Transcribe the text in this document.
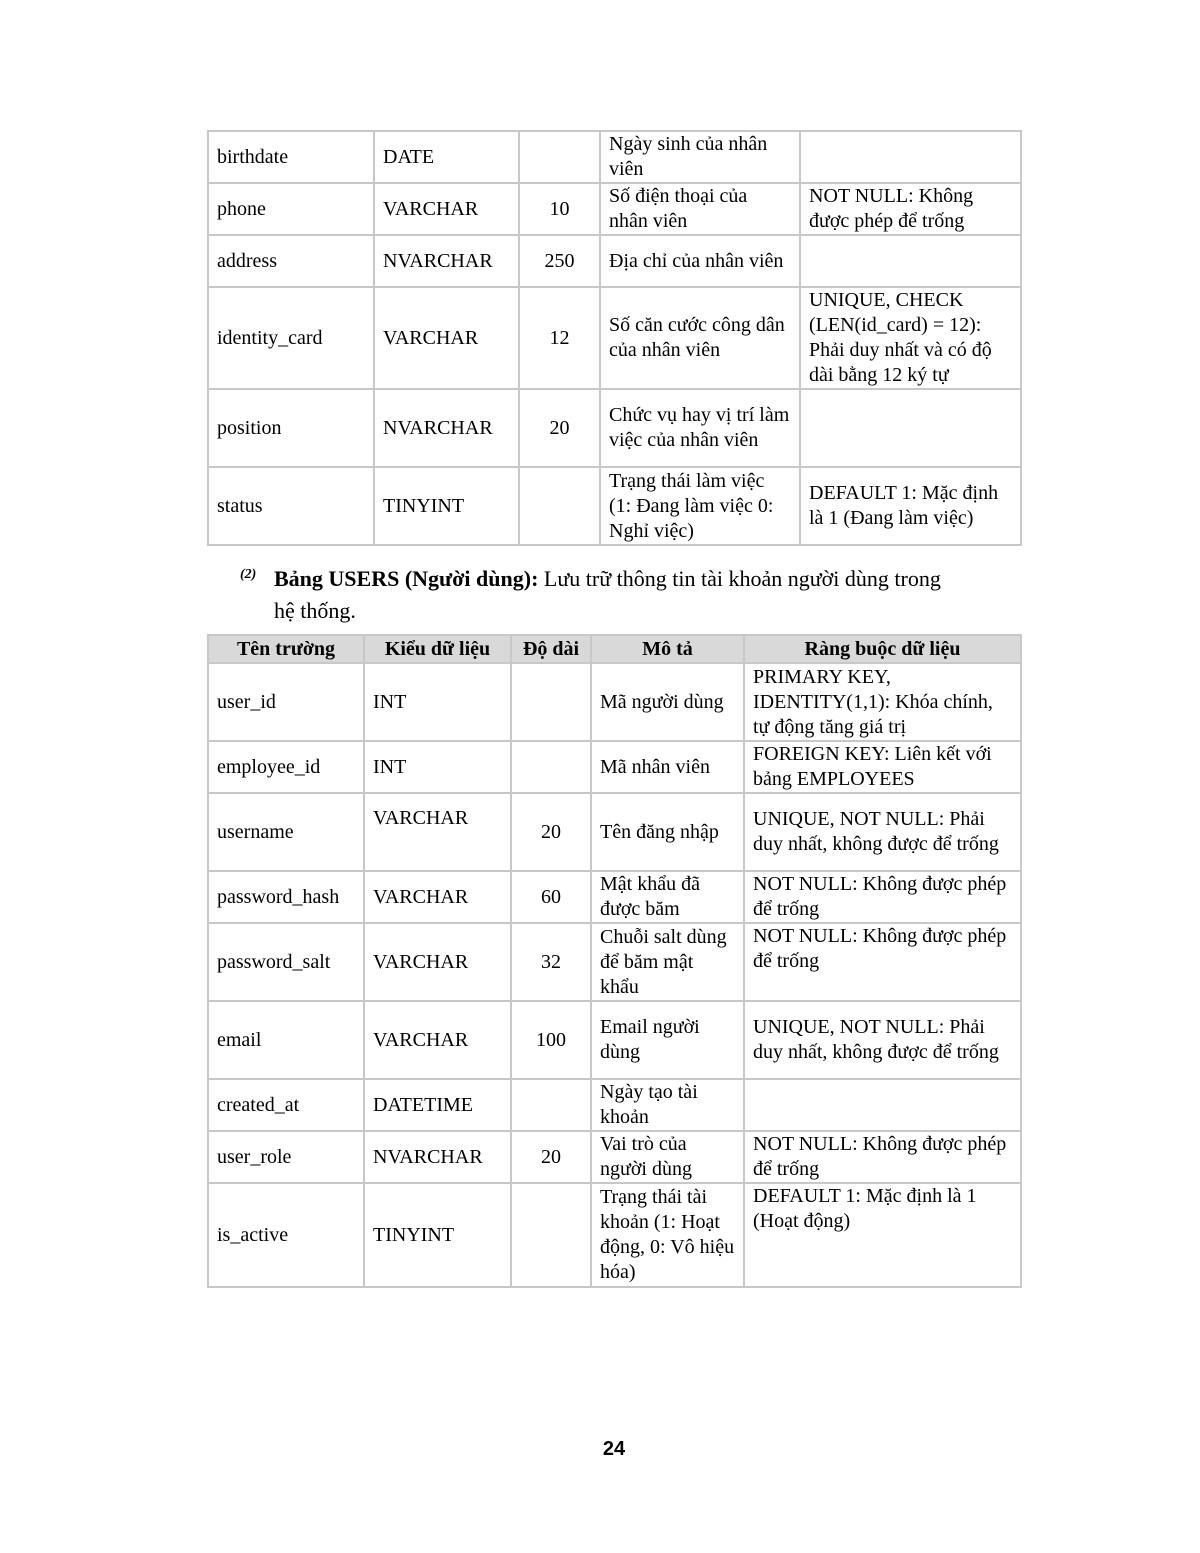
birthdate	DATE		Ngày sinh của nhân viên	
phone	VARCHAR	10	Số điện thoại của nhân viên	NOT NULL: Không được phép để trống
address	NVARCHAR	250	Địa chỉ của nhân viên	
identity_card	VARCHAR	12	Số căn cước công dân của nhân viên	UNIQUE, CHECK (LEN(id_card) = 12): Phải duy nhất và có độ dài bằng 12 ký tự
position	NVARCHAR	20	Chức vụ hay vị trí làm việc của nhân viên	
status	TINYINT		Trạng thái làm việc (1: Đang làm việc 0: Nghỉ việc)	DEFAULT 1: Mặc định là 1 (Đang làm việc)
(2) Bảng USERS (Người dùng): Lưu trữ thông tin tài khoản người dùng trong
hệ thống.
Tên trường	Kiểu dữ liệu	Độ dài	Mô tả	Ràng buộc dữ liệu
user_id	INT		Mã người dùng	PRIMARY KEY, IDENTITY(1,1): Khóa chính, tự động tăng giá trị
employee_id	INT		Mã nhân viên	FOREIGN KEY: Liên kết với bảng EMPLOYEES
username	VARCHAR	20	Tên đăng nhập	UNIQUE, NOT NULL: Phải duy nhất, không được để trống
password_hash	VARCHAR	60	Mật khẩu đã được băm	NOT NULL: Không được phép để trống
password_salt	VARCHAR	32	Chuỗi salt dùng để băm mật khẩu	NOT NULL: Không được phép để trống
email	VARCHAR	100	Email người dùng	UNIQUE, NOT NULL: Phải duy nhất, không được để trống
created_at	DATETIME		Ngày tạo tài khoản	
user_role	NVARCHAR	20	Vai trò của người dùng	NOT NULL: Không được phép để trống
is_active	TINYINT		Trạng thái tài khoản (1: Hoạt động, 0: Vô hiệu hóa)	DEFAULT 1: Mặc định là 1 (Hoạt động)
24
